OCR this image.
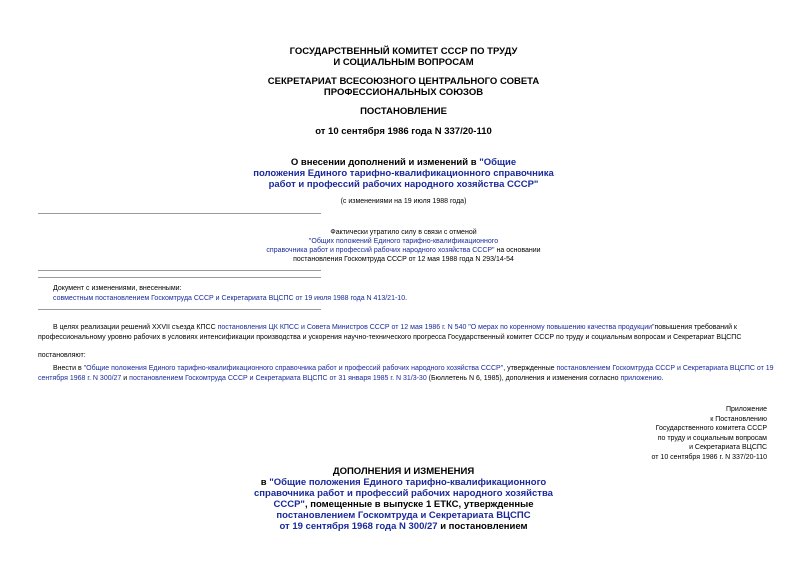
ГОСУДАРСТВЕННЫЙ КОМИТЕТ СССР ПО ТРУДУ
И СОЦИАЛЬНЫМ ВОПРОСАМ
СЕКРЕТАРИАТ ВСЕСОЮЗНОГО ЦЕНТРАЛЬНОГО СОВЕТА
ПРОФЕССИОНАЛЬНЫХ СОЮЗОВ
ПОСТАНОВЛЕНИЕ
от 10 сентября 1986 года N 337/20-110
О внесении дополнений и изменений в "Общие
положения Единого тарифно-квалификационного справочника
работ и профессий рабочих народного хозяйства СССР"
(с изменениями на 19 июля 1988 года)
Фактически утратило силу в связи с отменой
"Общих положений Единого тарифно-квалификационного
справочника работ и профессий рабочих народного хозяйства СССР" на основании
постановления Госкомтруда СССР от 12 мая 1988 года N 293/14-54
Документ с изменениями, внесенными:
совместным постановлением Госкомтруда СССР и Секретариата ВЦСПС от 19 июля 1988 года N 413/21-10.
В целях реализации решений XXVII съезда КПСС постановления ЦК КПСС и Совета Министров СССР от 12 мая 1986 г. N 540 "О мерах по коренному повышению качества продукции"повышения требований к профессиональному уровню рабочих в условиях интенсификации производства и ускорения научно-технического прогресса Государственный комитет СССР по труду и социальным вопросам и Секретариат ВЦСПС
постановляют:
Внести в "Общие положения Единого тарифно-квалификационного справочника работ и профессий рабочих народного хозяйства СССР", утвержденные постановлением Госкомтруда СССР и Секретариата ВЦСПС от 19 сентября 1968 г. N 300/27 и постановлением Госкомтруда СССР и Секретариата ВЦСПС от 31 января 1985 г. N 31/3-30 (Бюллетень N 6, 1985), дополнения и изменения согласно приложению.
Приложение
к Постановлению
Государственного комитета СССР
по труду и социальным вопросам
и Секретариата ВЦСПС
от 10 сентября 1986 г. N 337/20-110
ДОПОЛНЕНИЯ И ИЗМЕНЕНИЯ
в "Общие положения Единого тарифно-квалификационного
справочника работ и профессий рабочих народного хозяйства
СССР", помещенные в выпуске 1 ЕТКС, утвержденные
постановлением Госкомтруда и Секретариата ВЦСПС
от 19 сентября 1968 года N 300/27 и постановлением
